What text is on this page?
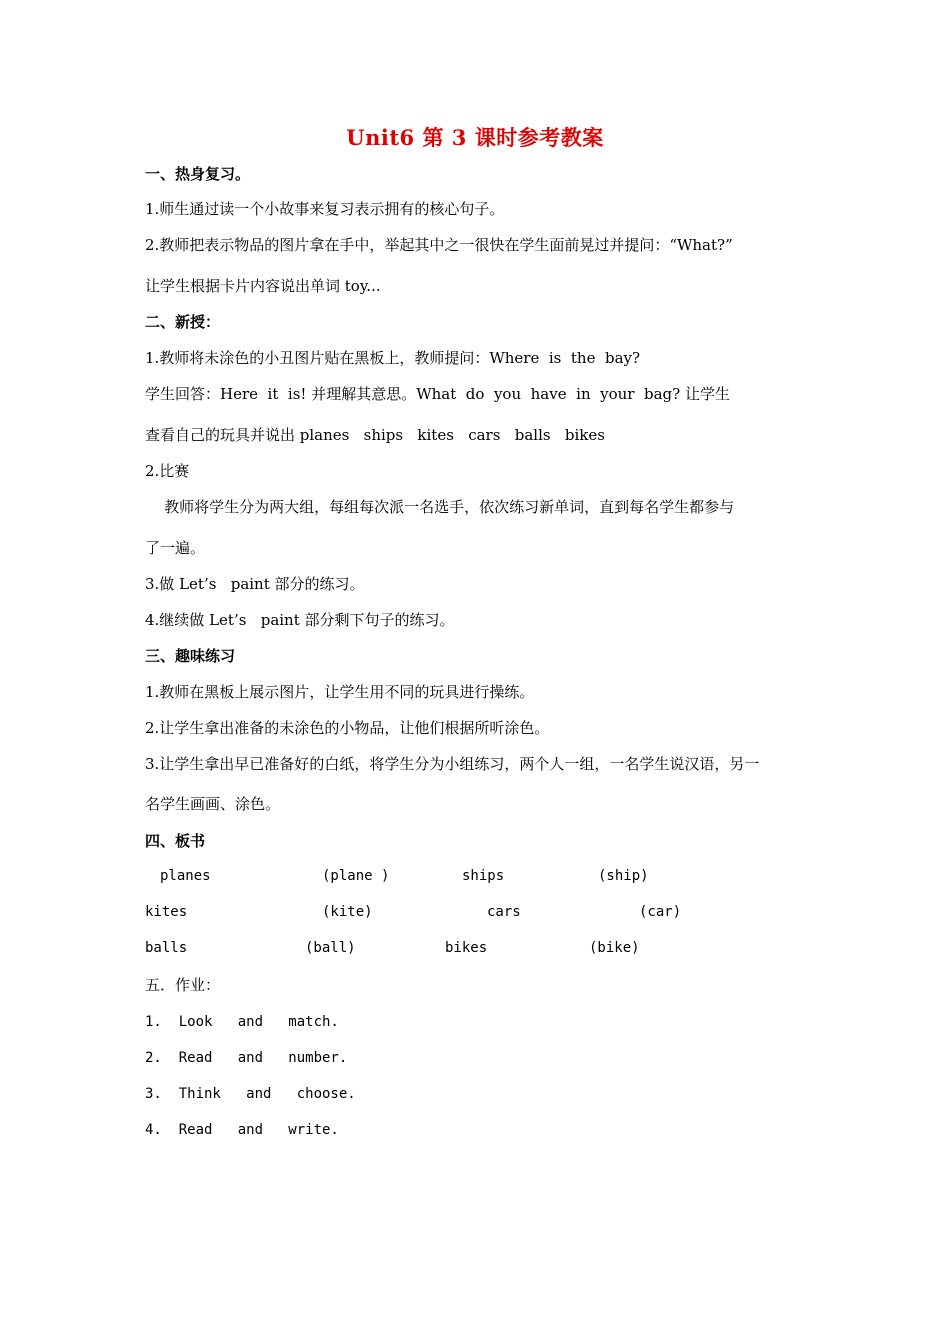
Unit6 第 3 课时参考教案
一、热身复习。
1.师生通过读一个小故事来复习表示拥有的核心句子。
2.教师把表示物品的图片拿在手中，举起其中之一很快在学生面前晃过并提问：“What?”
让学生根据卡片内容说出单词 toy...
二、新授：
1.教师将未涂色的小丑图片贴在黑板上，教师提问：Where  is  the  bay?
学生回答：Here  it  is! 并理解其意思。What  do  you  have  in  your  bag? 让学生
查看自己的玩具并说出 planes   ships   kites   cars   balls   bikes
2.比赛
教师将学生分为两大组，每组每次派一名选手，依次练习新单词，直到每名学生都参与
了一遍。
3.做 Let’s   paint 部分的练习。
4.继续做 Let’s   paint 部分剩下句子的练习。
三、趣味练习
1.教师在黑板上展示图片，让学生用不同的玩具进行操练。
2.让学生拿出准备的未涂色的小物品，让他们根据所听涂色。
3.让学生拿出早已准备好的白纸，将学生分为小组练习，两个人一组，一名学生说汉语，另一
名学生画画、涂色。
四、板书
planes	(plane )	ships	(ship)
kites	(kite)	cars	(car)
balls	(ball)	bikes	(bike)
五．作业：
1.  Look   and   match.
2.  Read   and   number.
3.  Think   and   choose.
4.  Read   and   write.
